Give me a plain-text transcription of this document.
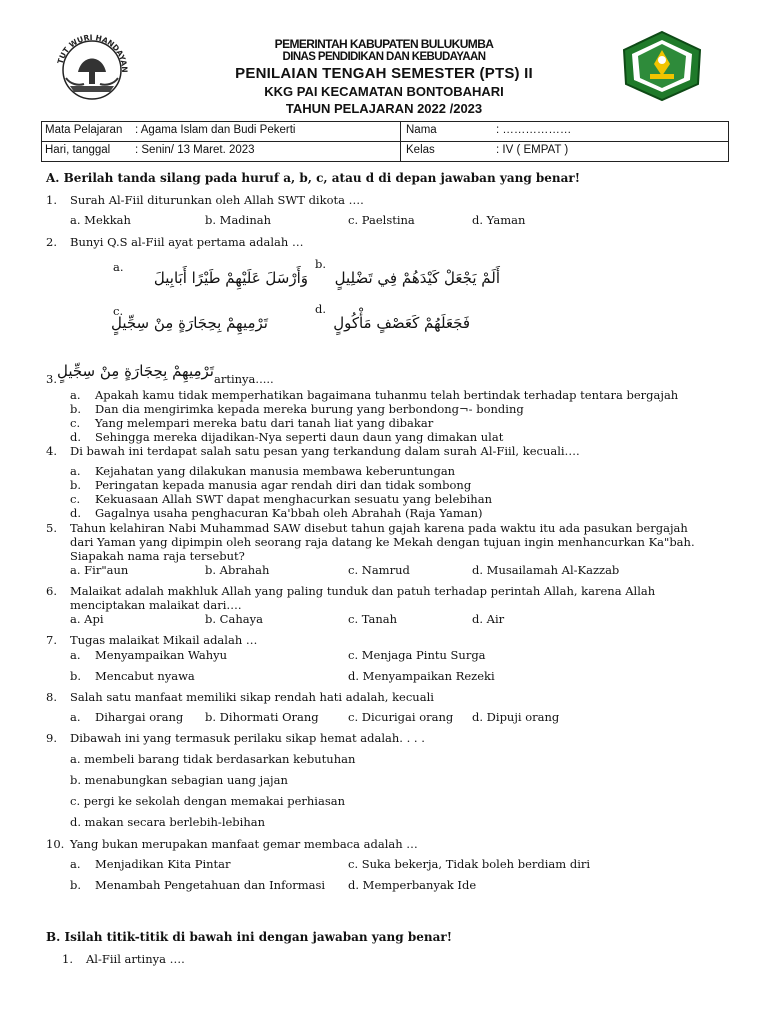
TUT WURI HANDAYAN
PEMERINTAH KABUPATEN BULUKUMBA
DINAS PENDIDIKAN DAN KEBUDAYAAN
PENILAIAN TENGAH SEMESTER (PTS) II
KKG PAI KECAMATAN BONTOBAHARI
TAHUN PELAJARAN 2022 /2023
Mata Pelajaran : Agama Islam dan Budi Pekerti	Nama	: ………………
Hari, tanggal : Senin/ 13 Maret. 2023	Kelas	: IV ( EMPAT )
A. Berilah tanda silang pada huruf a, b, c, atau d di depan jawaban yang benar!
1. Surah Al-Fiil diturunkan oleh Allah SWT dikota ….
a. Mekkah	b. Madinah	c. Paelstina	d. Yaman
2. Bunyi Q.S al-Fiil ayat pertama adalah …
a.	b.
وَأَرْسَلَ عَلَيْهِمْ طَيْرًا أَبَابِيلَ	أَلَمْ يَجْعَلْ كَيْدَهُمْ فِي تَضْلِيلٍ
c.	d.
تَرْمِيهِمْ بِحِجَارَةٍ مِنْ سِجِّيلٍ	فَجَعَلَهُمْ كَعَصْفٍ مَأْكُولٍ
3. تَرْمِيهِمْ بِحِجَارَةٍ مِنْ سِجِّيلٍ artinya.....
a. Apakah kamu tidak memperhatikan bagaimana tuhanmu telah bertindak terhadap tentara bergajah
b. Dan dia mengirimkа kepada mereka burung yang berbondong¬- bonding
c. Yang melempari mereka batu dari tanah liat yang dibakar
d. Sehingga mereka dijadikan-Nya seperti daun daun yang dimakan ulat
4. Di bawah ini terdapat salah satu pesan yang terkandung dalam surah Al-Fiil, kecuali….
a. Kejahatan yang dilakukan manusia membawa keberuntungan
b. Peringatan kepada manusia agar rendah diri dan tidak sombong
c. Kekuasaan Allah SWT dapat menghacurkan sesuatu yang belebihan
d. Gagalnya usaha penghacuran Ka'bbah oleh Abrahah (Raja Yaman)
5. Tahun kelahiran Nabi Muhammad SAW disebut tahun gajah karena pada waktu itu ada pasukan bergajah
dari Yaman yang dipimpin oleh seorang raja datang ke Mekah dengan tujuan ingin menhancurkan Ka"bah.
Siapakah nama raja tersebut?
a. Fir"aun	b. Abrahah	c. Namrud	d. Musailamah Al-Kazzab
6. Malaikat adalah makhluk Allah yang paling tunduk dan patuh terhadap perintah Allah, karena Allah
menciptakan malaikat dari….
a. Api	b. Cahaya	c. Tanah	d. Air
7. Tugas malaikat Mikail adalah …
a. Menyampaikan Wahyu	c. Menjaga Pintu Surga
b. Mencabut nyawa	d. Menyampaikan Rezeki
8. Salah satu manfaat memiliki sikap rendah hati adalah, kecuali
a. Dihargai orang b. Dihormati Orang	c. Dicurigai orang d. Dipuji orang
9. Dibawah ini yang termasuk perilaku sikap hemat adalah. . . .
a. membeli barang tidak berdasarkan kebutuhan
b. menabungkan sebagian uang jajan
c. pergi ke sekolah dengan memakai perhiasan
d. makan secara berlebih-lebihan
10. Yang bukan merupakan manfaat gemar membaca adalah …
a. Menjadikan Kita Pintar	c. Suka bekerja, Tidak boleh berdiam diri
b. Menambah Pengetahuan dan Informasi d. Memperbanyak Ide
B. Isilah titik-titik di bawah ini dengan jawaban yang benar!
1. Al-Fiil artinya ….
